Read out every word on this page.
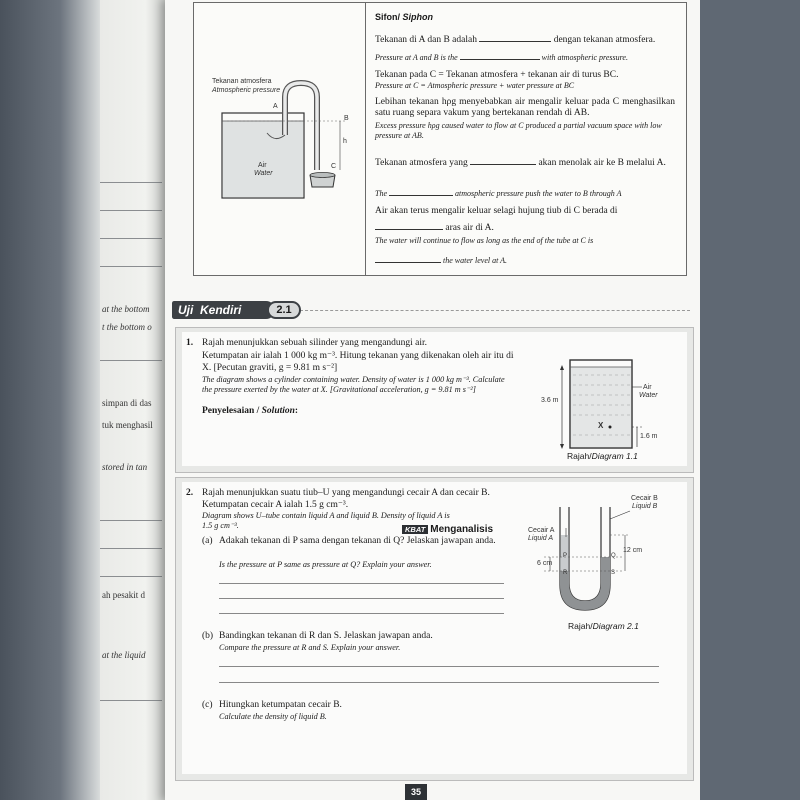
at the bottom
t the bottom o
simpan di das
tuk menghasil
stored in tan
ah pesakit d
at the liquid
Tekanan atmosfera
Atmospheric pressure
A
B
C
h
Air
Water
Sifon/ Siphon
Tekanan di A dan B adalah	dengan tekanan atmosfera.
Pressure at A and B is the	with atmospheric pressure.
Tekanan pada C = Tekanan atmosfera + tekanan air di turus BC.
Pressure at C = Atmospheric pressure + water pressure at BC
Lebihan tekanan hρg menyebabkan air mengalir keluar pada C menghasilkan satu ruang separa vakum yang bertekanan rendah di AB.
Excess pressure hρg caused water to flow at C produced a partial vacuum space with low pressure at AB.
Tekanan atmosfera yang	akan menolak air ke B melalui A.
The	atmospheric pressure push the water to B through A
Air akan terus mengalir keluar selagi hujung tiub di C berada di
aras air di A.
The water will continue to flow as long as the end of the tube at C is
the water level at A.
Uji Kendiri	2.1
1. Rajah menunjukkan sebuah silinder yang mengandungi air.
Ketumpatan air ialah 1 000 kg m⁻³. Hitung tekanan yang dikenakan oleh air itu di
X. [Pecutan graviti, g = 9.81 m s⁻²]
The diagram shows a cylinder containing water. Density of water is 1 000 kg m⁻³. Calculate
the pressure exerted by the water at X. [Gravitational acceleration, g = 9.81 m s⁻²]
Penyelesaian / Solution:
3.6 m
X
Air
Water
1.6 m
Rajah/Diagram 1.1
2. Rajah menunjukkan suatu tiub–U yang mengandungi cecair A dan cecair B.
Ketumpatan cecair A ialah 1.5 g cm⁻³.
Diagram shows U–tube contain liquid A and liquid B. Density of liquid A is
1.5 g cm⁻³.	KBAT Menganalisis
(a) Adakah tekanan di P sama dengan tekanan di Q? Jelaskan jawapan anda.
Is the pressure at P same as pressure at Q? Explain your answer.
(b) Bandingkan tekanan di R dan S. Jelaskan jawapan anda.
Compare the pressure at R and S. Explain your answer.
(c) Hitungkan ketumpatan cecair B.
Calculate the density of liquid B.
Cecair B
Liquid B
Cecair A
Liquid A
12 cm
6 cm
P	Q
R	S
Rajah/Diagram 2.1
35
